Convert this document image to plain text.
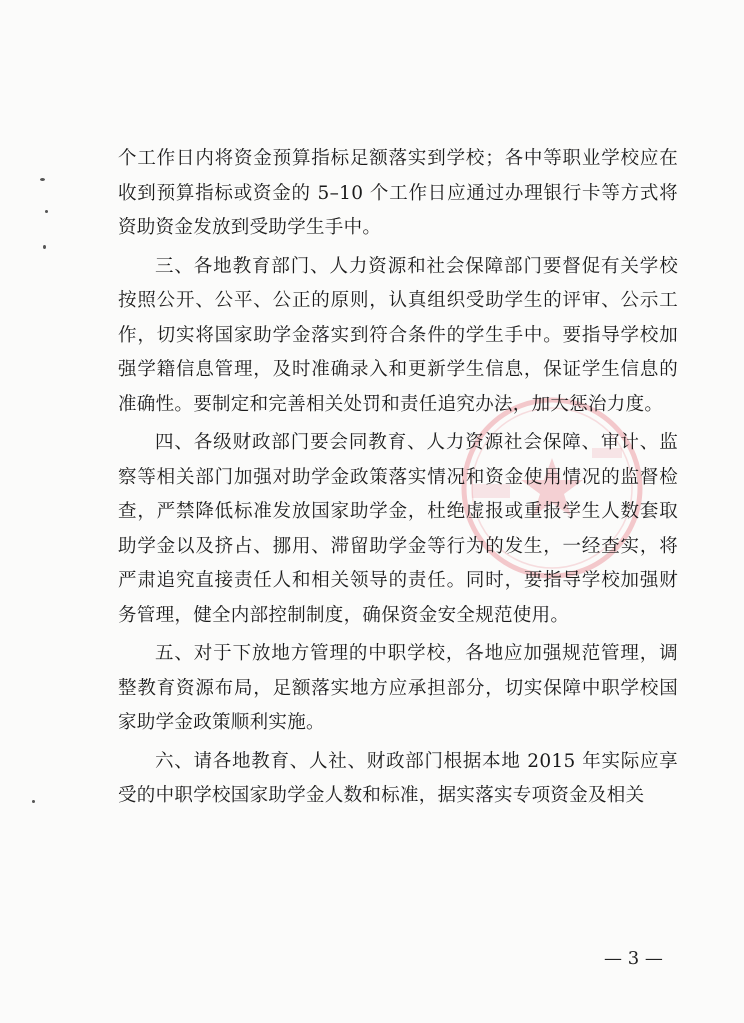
个工作日内将资金预算指标足额落实到学校；各中等职业学校应在收到预算指标或资金的 5–10 个工作日应通过办理银行卡等方式将资助资金发放到受助学生手中。

三、各地教育部门、人力资源和社会保障部门要督促有关学校按照公开、公平、公正的原则，认真组织受助学生的评审、公示工作，切实将国家助学金落实到符合条件的学生手中。要指导学校加强学籍信息管理，及时准确录入和更新学生信息，保证学生信息的准确性。要制定和完善相关处罚和责任追究办法，加大惩治力度。

四、各级财政部门要会同教育、人力资源社会保障、审计、监察等相关部门加强对助学金政策落实情况和资金使用情况的监督检查，严禁降低标准发放国家助学金，杜绝虚报或重报学生人数套取助学金以及挤占、挪用、滞留助学金等行为的发生，一经查实，将严肃追究直接责任人和相关领导的责任。同时，要指导学校加强财务管理，健全内部控制制度，确保资金安全规范使用。

五、对于下放地方管理的中职学校，各地应加强规范管理，调整教育资源布局，足额落实地方应承担部分，切实保障中职学校国家助学金政策顺利实施。

六、请各地教育、人社、财政部门根据本地 2015 年实际应享受的中职学校国家助学金人数和标准，据实落实专项资金及相关

— 3 —
